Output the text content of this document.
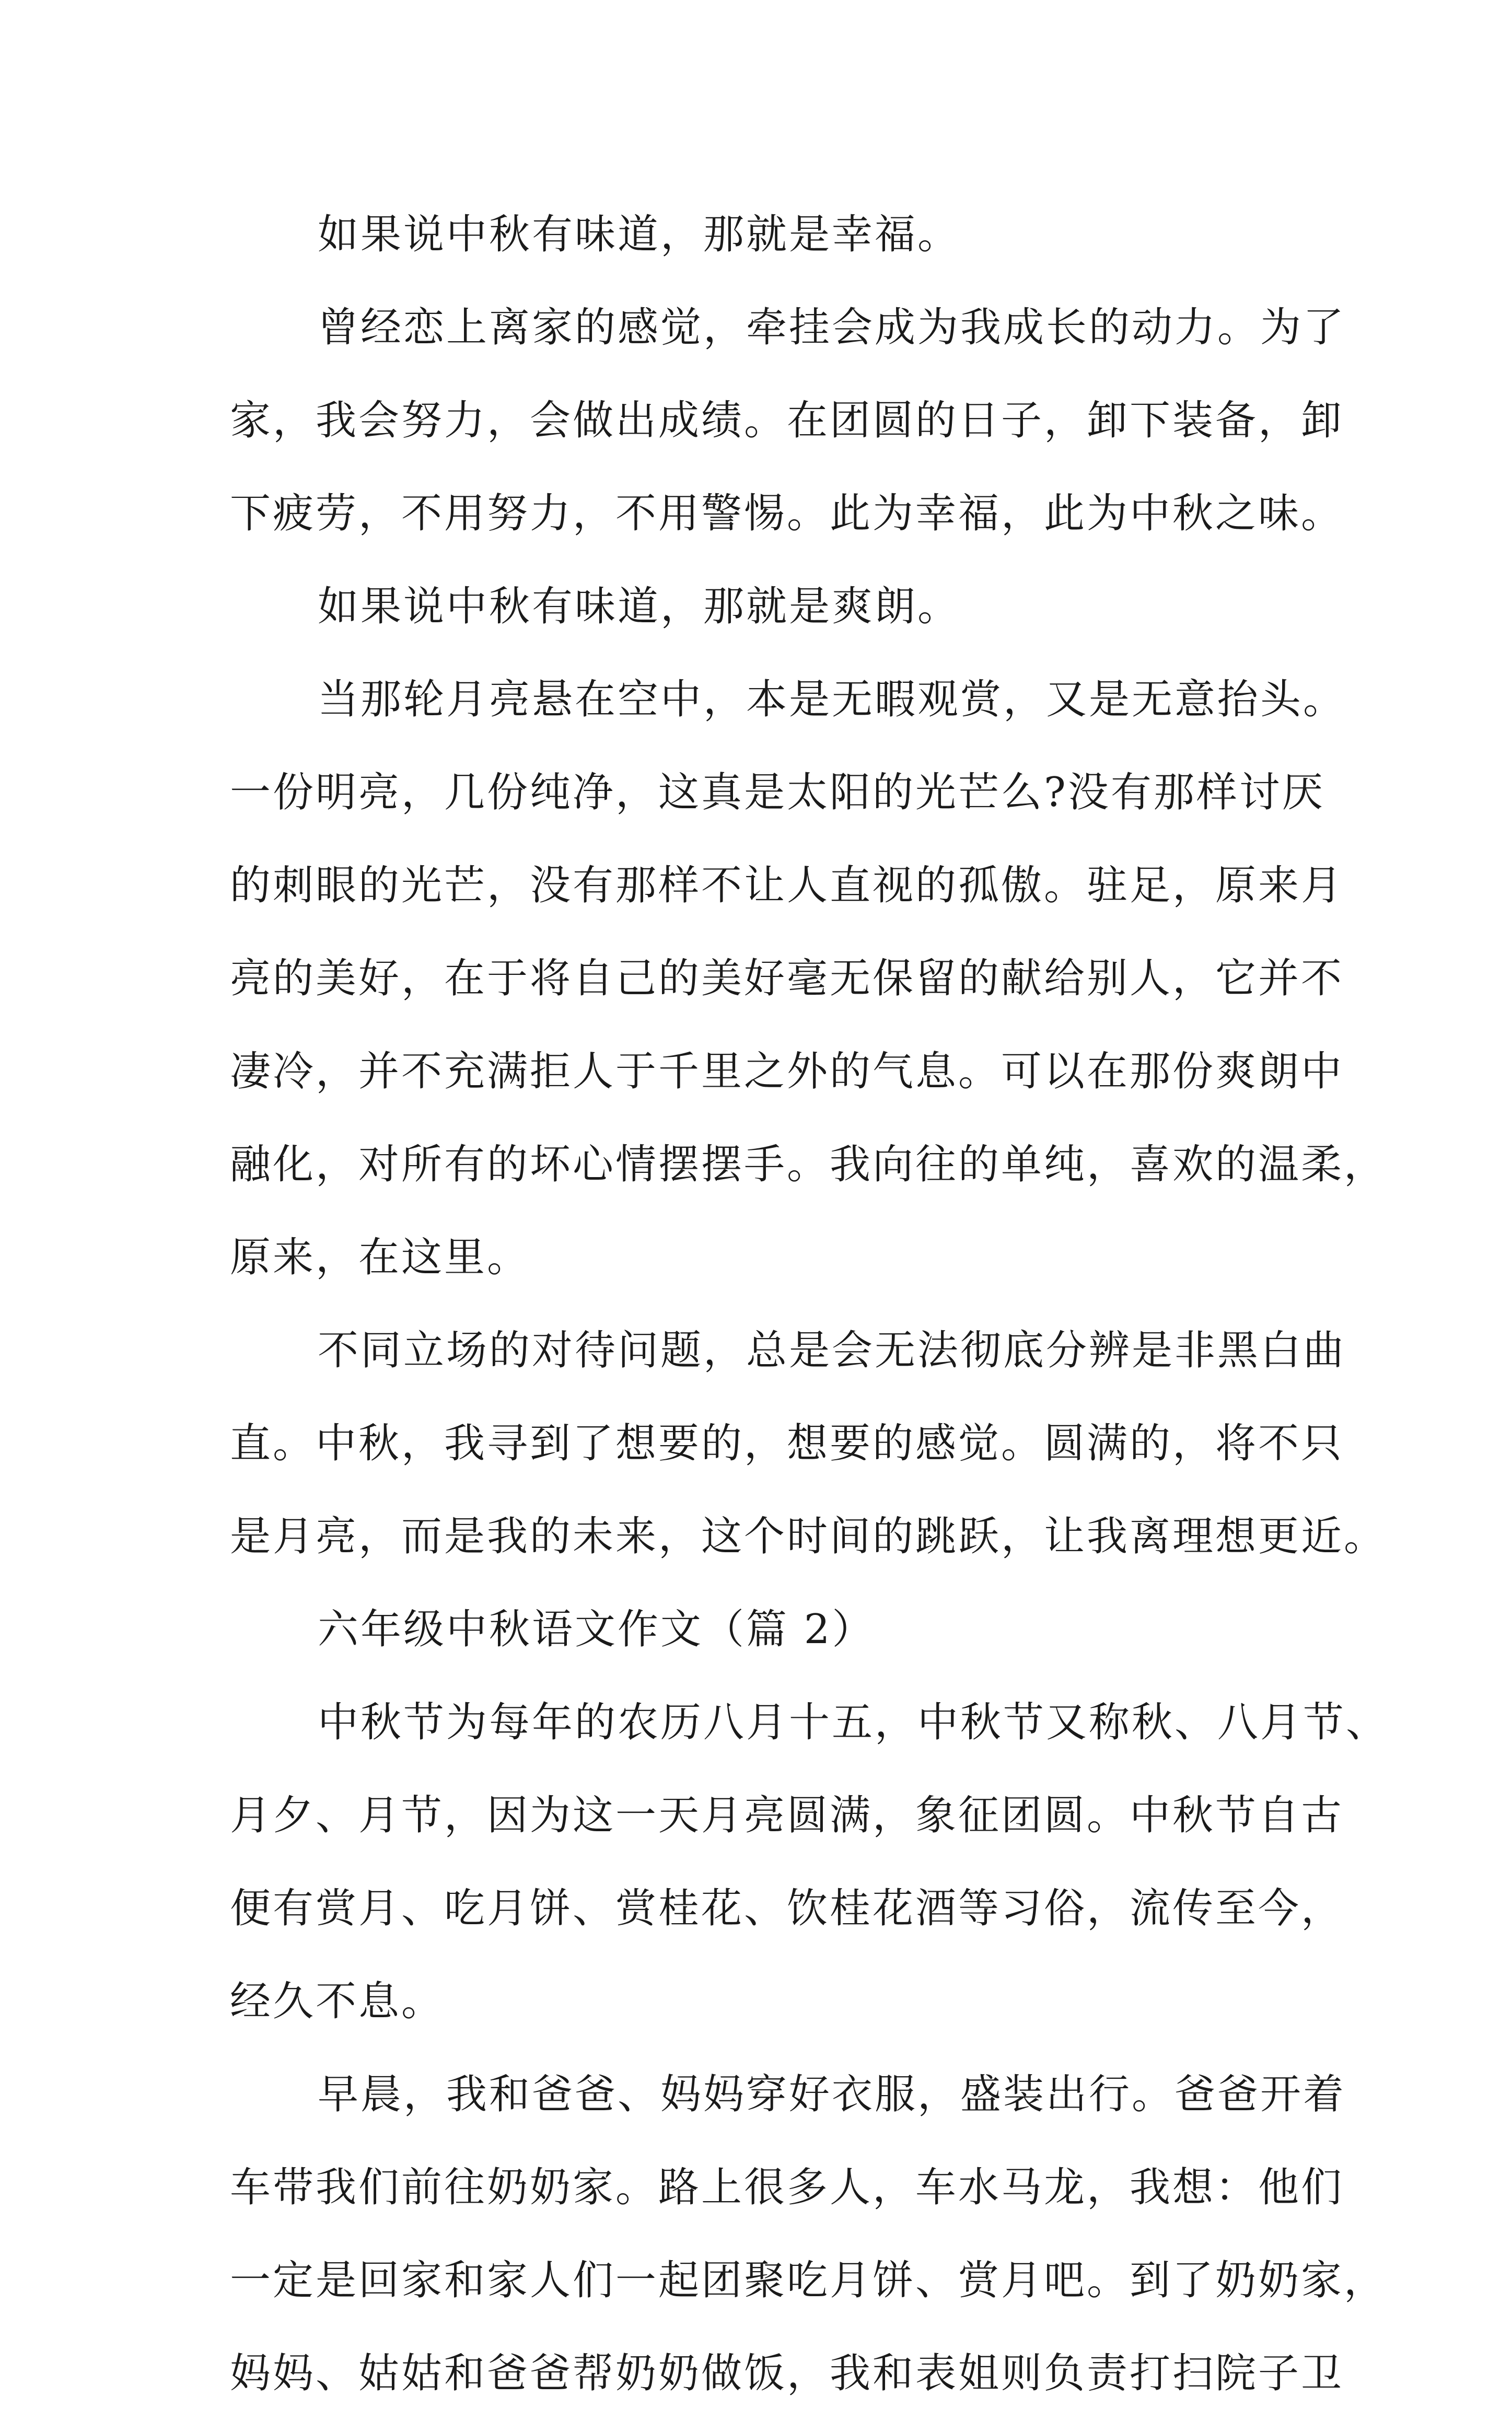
如果说中秋有味道，那就是幸福。
曾经恋上离家的感觉，牵挂会成为我成长的动力。为了
家，我会努力，会做出成绩。在团圆的日子，卸下装备，卸
下疲劳，不用努力，不用警惕。此为幸福，此为中秋之味。
如果说中秋有味道，那就是爽朗。
当那轮月亮悬在空中，本是无暇观赏，又是无意抬头。
一份明亮，几份纯净，这真是太阳的光芒么?没有那样讨厌
的刺眼的光芒，没有那样不让人直视的孤傲。驻足，原来月
亮的美好，在于将自己的美好毫无保留的献给别人，它并不
凄冷，并不充满拒人于千里之外的气息。可以在那份爽朗中
融化，对所有的坏心情摆摆手。我向往的单纯，喜欢的温柔，
原来，在这里。
不同立场的对待问题，总是会无法彻底分辨是非黑白曲
直。中秋，我寻到了想要的，想要的感觉。圆满的，将不只
是月亮，而是我的未来，这个时间的跳跃，让我离理想更近。
六年级中秋语文作文（篇 2）
中秋节为每年的农历八月十五，中秋节又称秋、八月节、
月夕、月节，因为这一天月亮圆满，象征团圆。中秋节自古
便有赏月、吃月饼、赏桂花、饮桂花酒等习俗，流传至今，
经久不息。
早晨，我和爸爸、妈妈穿好衣服，盛装出行。爸爸开着
车带我们前往奶奶家。路上很多人，车水马龙，我想：他们
一定是回家和家人们一起团聚吃月饼、赏月吧。到了奶奶家，
妈妈、姑姑和爸爸帮奶奶做饭，我和表姐则负责打扫院子卫
